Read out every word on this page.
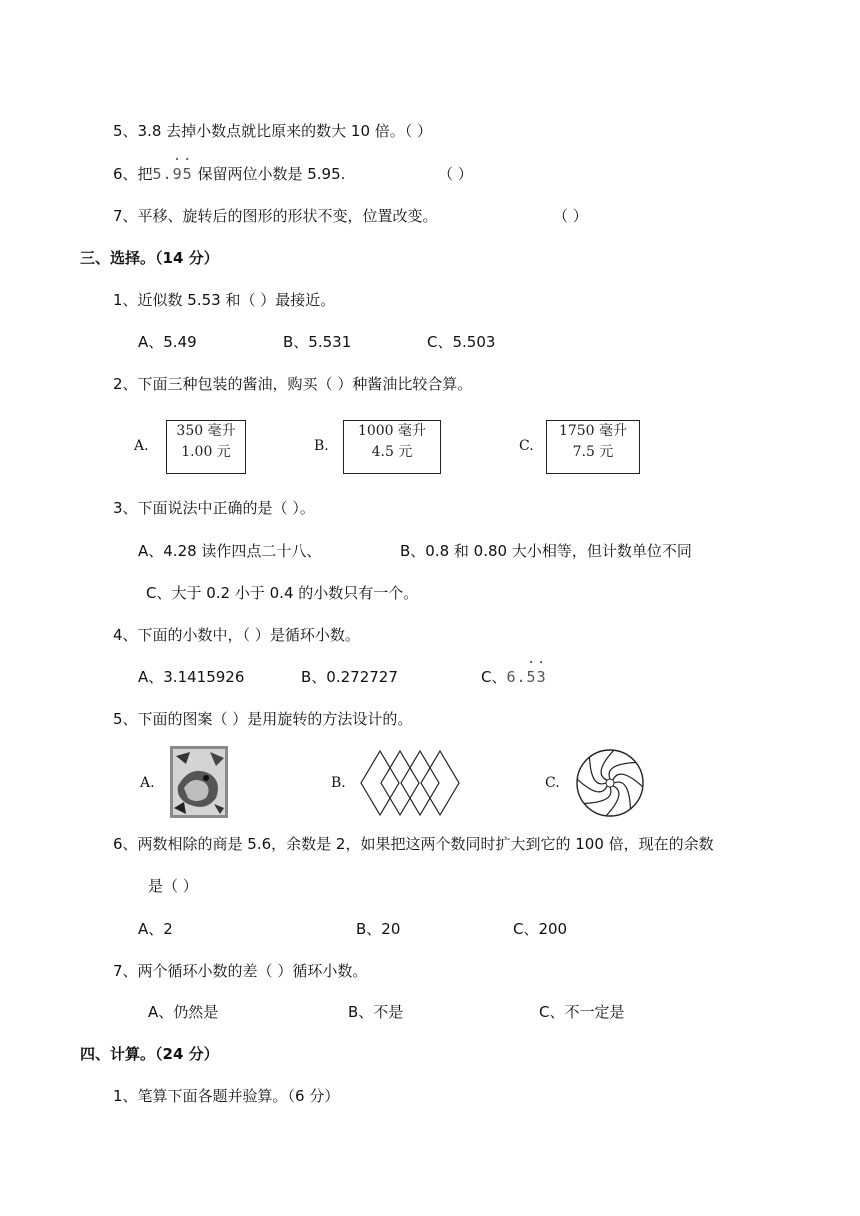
5、3.8 去掉小数点就比原来的数大 10 倍。（ ）
6、把5.· 9· 5 保留两位小数是 5.95.	（ ）
7、平移、旋转后的图形的形状不变，位置改变。	（ ）
三、选择。（14 分）
1、近似数 5.53 和（ ）最接近。
A、5.49	B、5.531	C、5.503
2、下面三种包装的酱油，购买（ ）种酱油比较合算。
A.
350 毫升
1.00 元	B.
1000 毫升
4.5 元	C.
1750 毫升
7.5 元
3、下面说法中正确的是（ ）。
A、4.28 读作四点二十八、	B、0.8 和 0.80 大小相等，但计数单位不同
C、大于 0.2 小于 0.4 的小数只有一个。
4、下面的小数中，（ ）是循环小数。
A、3.1415926	B、0.272727	C、6.· 5· 3
5、下面的图案（ ）是用旋转的方法设计的。
A.	B.	C.
6、两数相除的商是 5.6，余数是 2，如果把这两个数同时扩大到它的 100 倍，现在的余数
是（ ）
A、2	B、20	C、200
7、两个循环小数的差（ ）循环小数。
A、仍然是	B、不是	C、不一定是
四、计算。（24 分）
1、笔算下面各题并验算。（6 分）
